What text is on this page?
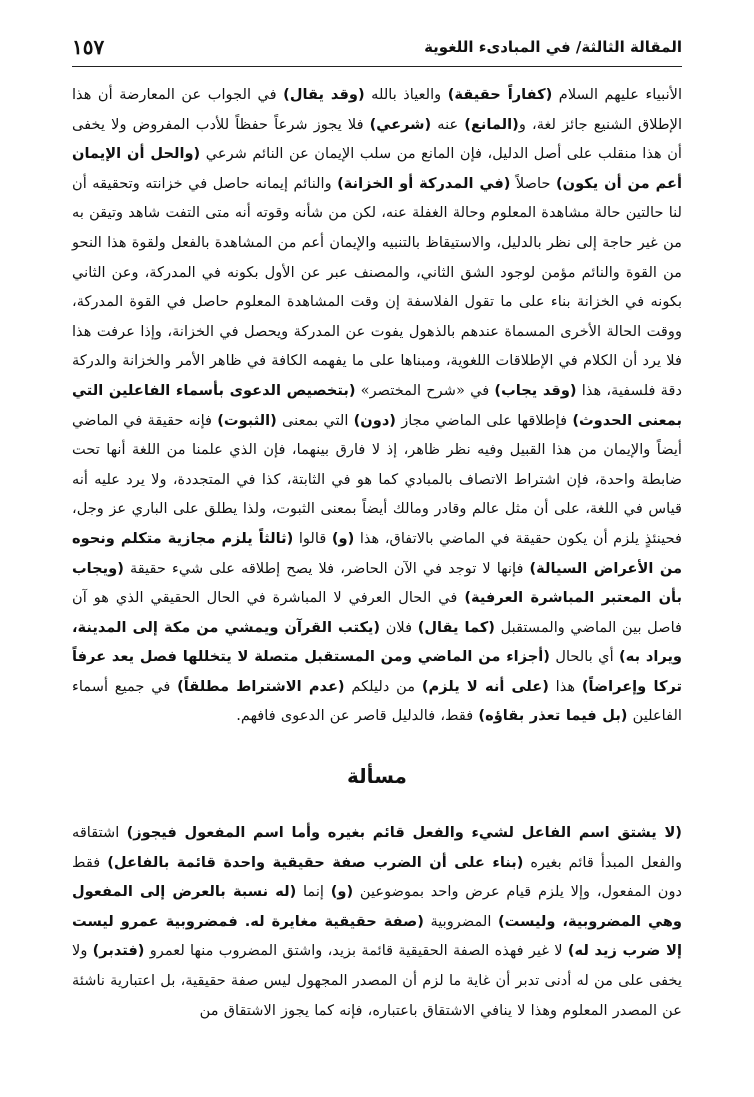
المقالة الثالثة/ في المبادىء اللغوية
١٥٧

الأنبياء عليهم السلام (كفاراً حقيقة) والعياذ بالله (وقد يقال) في الجواب عن المعارضة أن هذا الإطلاق الشنيع جائز لغة، و(المانع) عنه (شرعي) فلا يجوز شرعاً حفظاً للأدب المفروض ولا يخفى أن هذا منقلب على أصل الدليل، فإن المانع من سلب الإيمان عن النائم شرعي (والحل أن الإيمان أعم من أن يكون) حاصلاً (في المدركة أو الخزانة) والنائم إيمانه حاصل في خزانته وتحقيقه أن لنا حالتين حالة مشاهدة المعلوم وحالة الغفلة عنه، لكن من شأنه وقوته أنه متى التفت شاهد وتيقن به من غير حاجة إلى نظر بالدليل، والاستيقاظ بالتنبيه والإيمان أعم من المشاهدة بالفعل ولقوة هذا النحو من القوة والنائم مؤمن لوجود الشق الثاني، والمصنف عبر عن الأول بكونه في المدركة، وعن الثاني بكونه في الخزانة بناء على ما تقول الفلاسفة إن وقت المشاهدة المعلوم حاصل في القوة المدركة، ووقت الحالة الأخرى المسماة عندهم بالذهول يفوت عن المدركة ويحصل في الخزانة، وإذا عرفت هذا فلا يرد أن الكلام في الإطلاقات اللغوية، ومبناها على ما يفهمه الكافة في ظاهر الأمر والخزانة والدركة دقة فلسفية، هذا (وقد يجاب) في «شرح المختصر» (بتخصيص الدعوى بأسماء الفاعلين التي بمعنى الحدوث) فإطلاقها على الماضي مجاز (دون) التي بمعنى (الثبوت) فإنه حقيقة في الماضي أيضاً والإيمان من هذا القبيل وفيه نظر ظاهر، إذ لا فارق بينهما، فإن الذي علمنا من اللغة أنها تحت ضابطة واحدة، فإن اشتراط الاتصاف بالمبادي كما هو في الثابتة، كذا في المتجددة، ولا يرد عليه أنه قياس في اللغة، على أن مثل عالم وقادر ومالك أيضاً بمعنى الثبوت، ولذا يطلق على الباري عز وجل، فحينئذٍ يلزم أن يكون حقيقة في الماضي بالاتفاق، هذا (و) قالوا (ثالثاً يلزم مجازية متكلم ونحوه من الأعراض السيالة) فإنها لا توجد في الآن الحاضر، فلا يصح إطلاقه على شيء حقيقة (ويجاب بأن المعتبر المباشرة العرفية) في الحال العرفي لا المباشرة في الحال الحقيقي الذي هو آن فاصل بين الماضي والمستقبل (كما يقال) فلان (يكتب القرآن ويمشي من مكة إلى المدينة، ويراد به) أي بالحال (أجزاء من الماضي ومن المستقبل متصلة لا يتخللها فصل يعد عرفاً تركا وإعراضاً) هذا (على أنه لا يلزم) من دليلكم (عدم الاشتراط مطلقاً) في جميع أسماء الفاعلين (بل فيما تعذر بقاؤه) فقط، فالدليل قاصر عن الدعوى فافهم.

مسألة

(لا يشتق اسم الفاعل لشيء والفعل قائم بغيره وأما اسم المفعول فيجوز) اشتقاقه والفعل المبدأ قائم بغيره (بناء على أن الضرب صفة حقيقية واحدة قائمة بالفاعل) فقط دون المفعول، وإلا يلزم قيام عرض واحد بموضوعين (و) إنما (له نسبة بالعرض إلى المفعول وهي المضروبية، وليست) المضروبية (صفة حقيقية مغايرة له. فمضروبية عمرو ليست إلا ضرب زيد له) لا غير فهذه الصفة الحقيقية قائمة بزيد، واشتق المضروب منها لعمرو (فتدبر) ولا يخفى على من له أدنى تدبر أن غاية ما لزم أن المصدر المجهول ليس صفة حقيقية، بل اعتبارية ناشئة عن المصدر المعلوم وهذا لا ينافي الاشتقاق باعتباره، فإنه كما يجوز الاشتقاق من
